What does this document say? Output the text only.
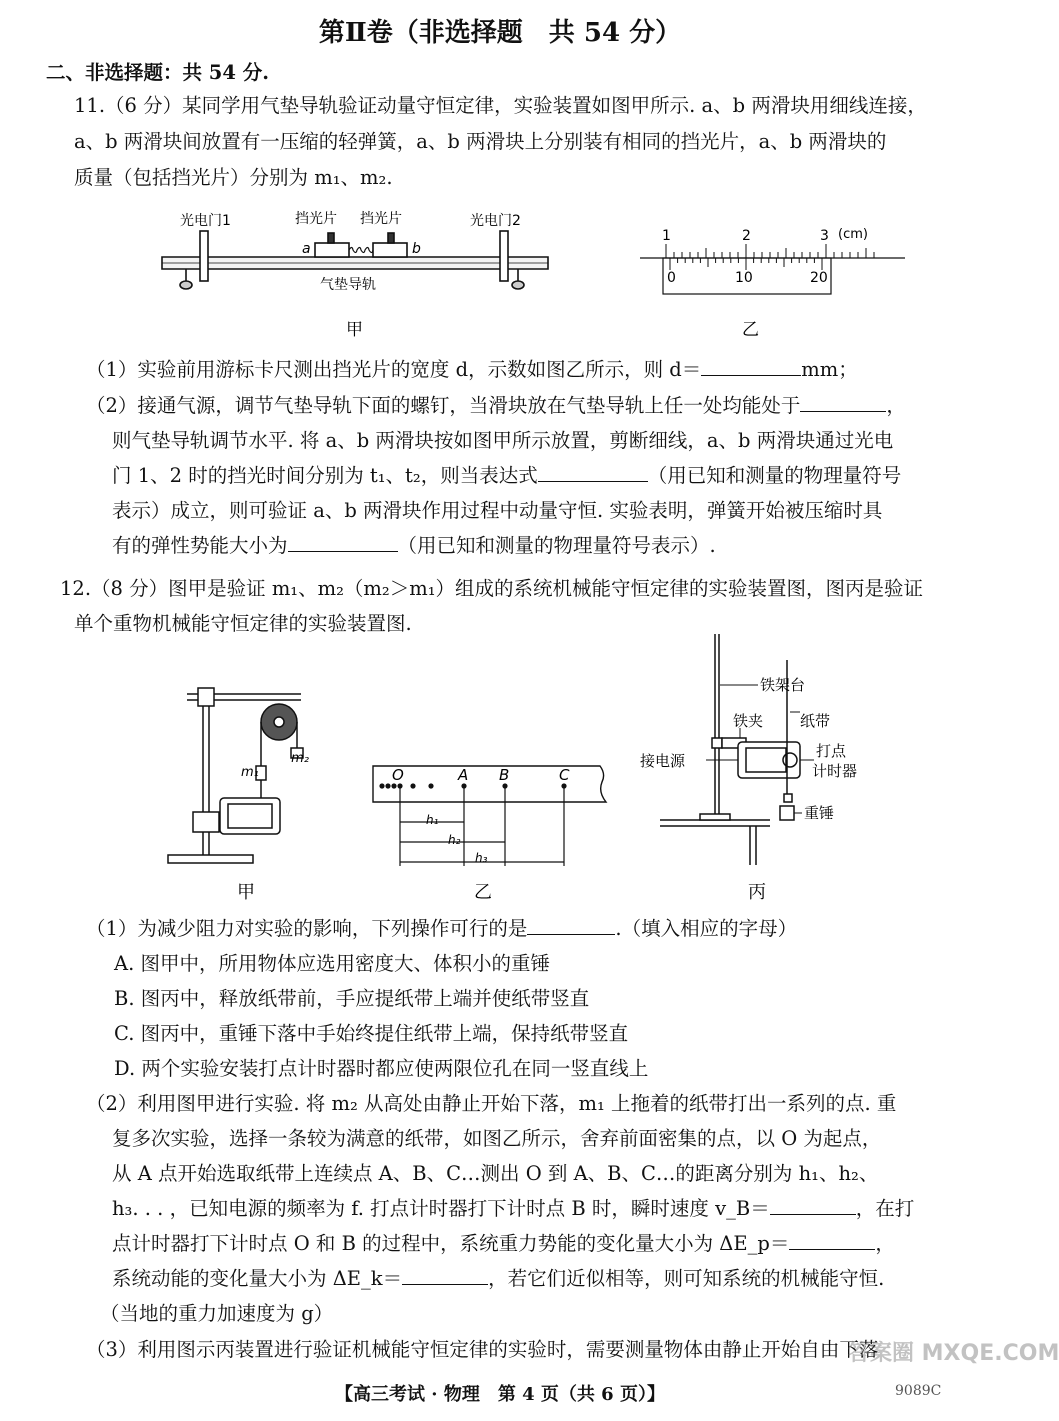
第Ⅱ卷（非选择题　共 54 分）
二、非选择题：共 54 分.
11.（6 分）某同学用气垫导轨验证动量守恒定律，实验装置如图甲所示. a、b 两滑块用细线连接，
a、b 两滑块间放置有一压缩的轻弹簧，a、b 两滑块上分别装有相同的挡光片，a、b 两滑块的
质量（包括挡光片）分别为 m₁、m₂.
光电门1	挡光片 挡光片	光电门2
a	b
气垫导轨
甲
1	2	3 (cm)
0	10	20
乙
（1）实验前用游标卡尺测出挡光片的宽度 d，示数如图乙所示，则 d＝	mm；
（2）接通气源，调节气垫导轨下面的螺钉，当滑块放在气垫导轨上任一处均能处于	，
则气垫导轨调节水平. 将 a、b 两滑块按如图甲所示放置，剪断细线，a、b 两滑块通过光电
门 1、2 时的挡光时间分别为 t₁、t₂，则当表达式	（用已知和测量的物理量符号
表示）成立，则可验证 a、b 两滑块作用过程中动量守恒. 实验表明，弹簧开始被压缩时具
有的弹性势能大小为	（用已知和测量的物理量符号表示）.
12.（8 分）图甲是验证 m₁、m₂（m₂＞m₁）组成的系统机械能守恒定律的实验装置图，图丙是验证
单个重物机械能守恒定律的实验装置图.
m₂
m₁
甲
O	A B	C
h₁
h₂
h₃
乙
铁架台
铁夹 纸带
接电源
打点
计时器
重锤
丙
（1）为减少阻力对实验的影响，下列操作可行的是	.（填入相应的字母）
A. 图甲中，所用物体应选用密度大、体积小的重锤
B. 图丙中，释放纸带前，手应提纸带上端并使纸带竖直
C. 图丙中，重锤下落中手始终提住纸带上端，保持纸带竖直
D. 两个实验安装打点计时器时都应使两限位孔在同一竖直线上
（2）利用图甲进行实验. 将 m₂ 从高处由静止开始下落，m₁ 上拖着的纸带打出一系列的点. 重
复多次实验，选择一条较为满意的纸带，如图乙所示，舍弃前面密集的点，以 O 为起点，
从 A 点开始选取纸带上连续点 A、B、C…测出 O 到 A、B、C…的距离分别为 h₁、h₂、
h₃. . . ，已知电源的频率为 f. 打点计时器打下计时点 B 时，瞬时速度 v_B＝	，在打
点计时器打下计时点 O 和 B 的过程中，系统重力势能的变化量大小为 ΔE_p＝	，
系统动能的变化量大小为 ΔE_k＝	，若它们近似相等，则可知系统的机械能守恒.
（当地的重力加速度为 g）
（3）利用图示丙装置进行验证机械能守恒定律的实验时，需要测量物体由静止开始自由下落
【高三考试 · 物理　第 4 页（共 6 页）】	9089C
答案圈 MXQE.COM
